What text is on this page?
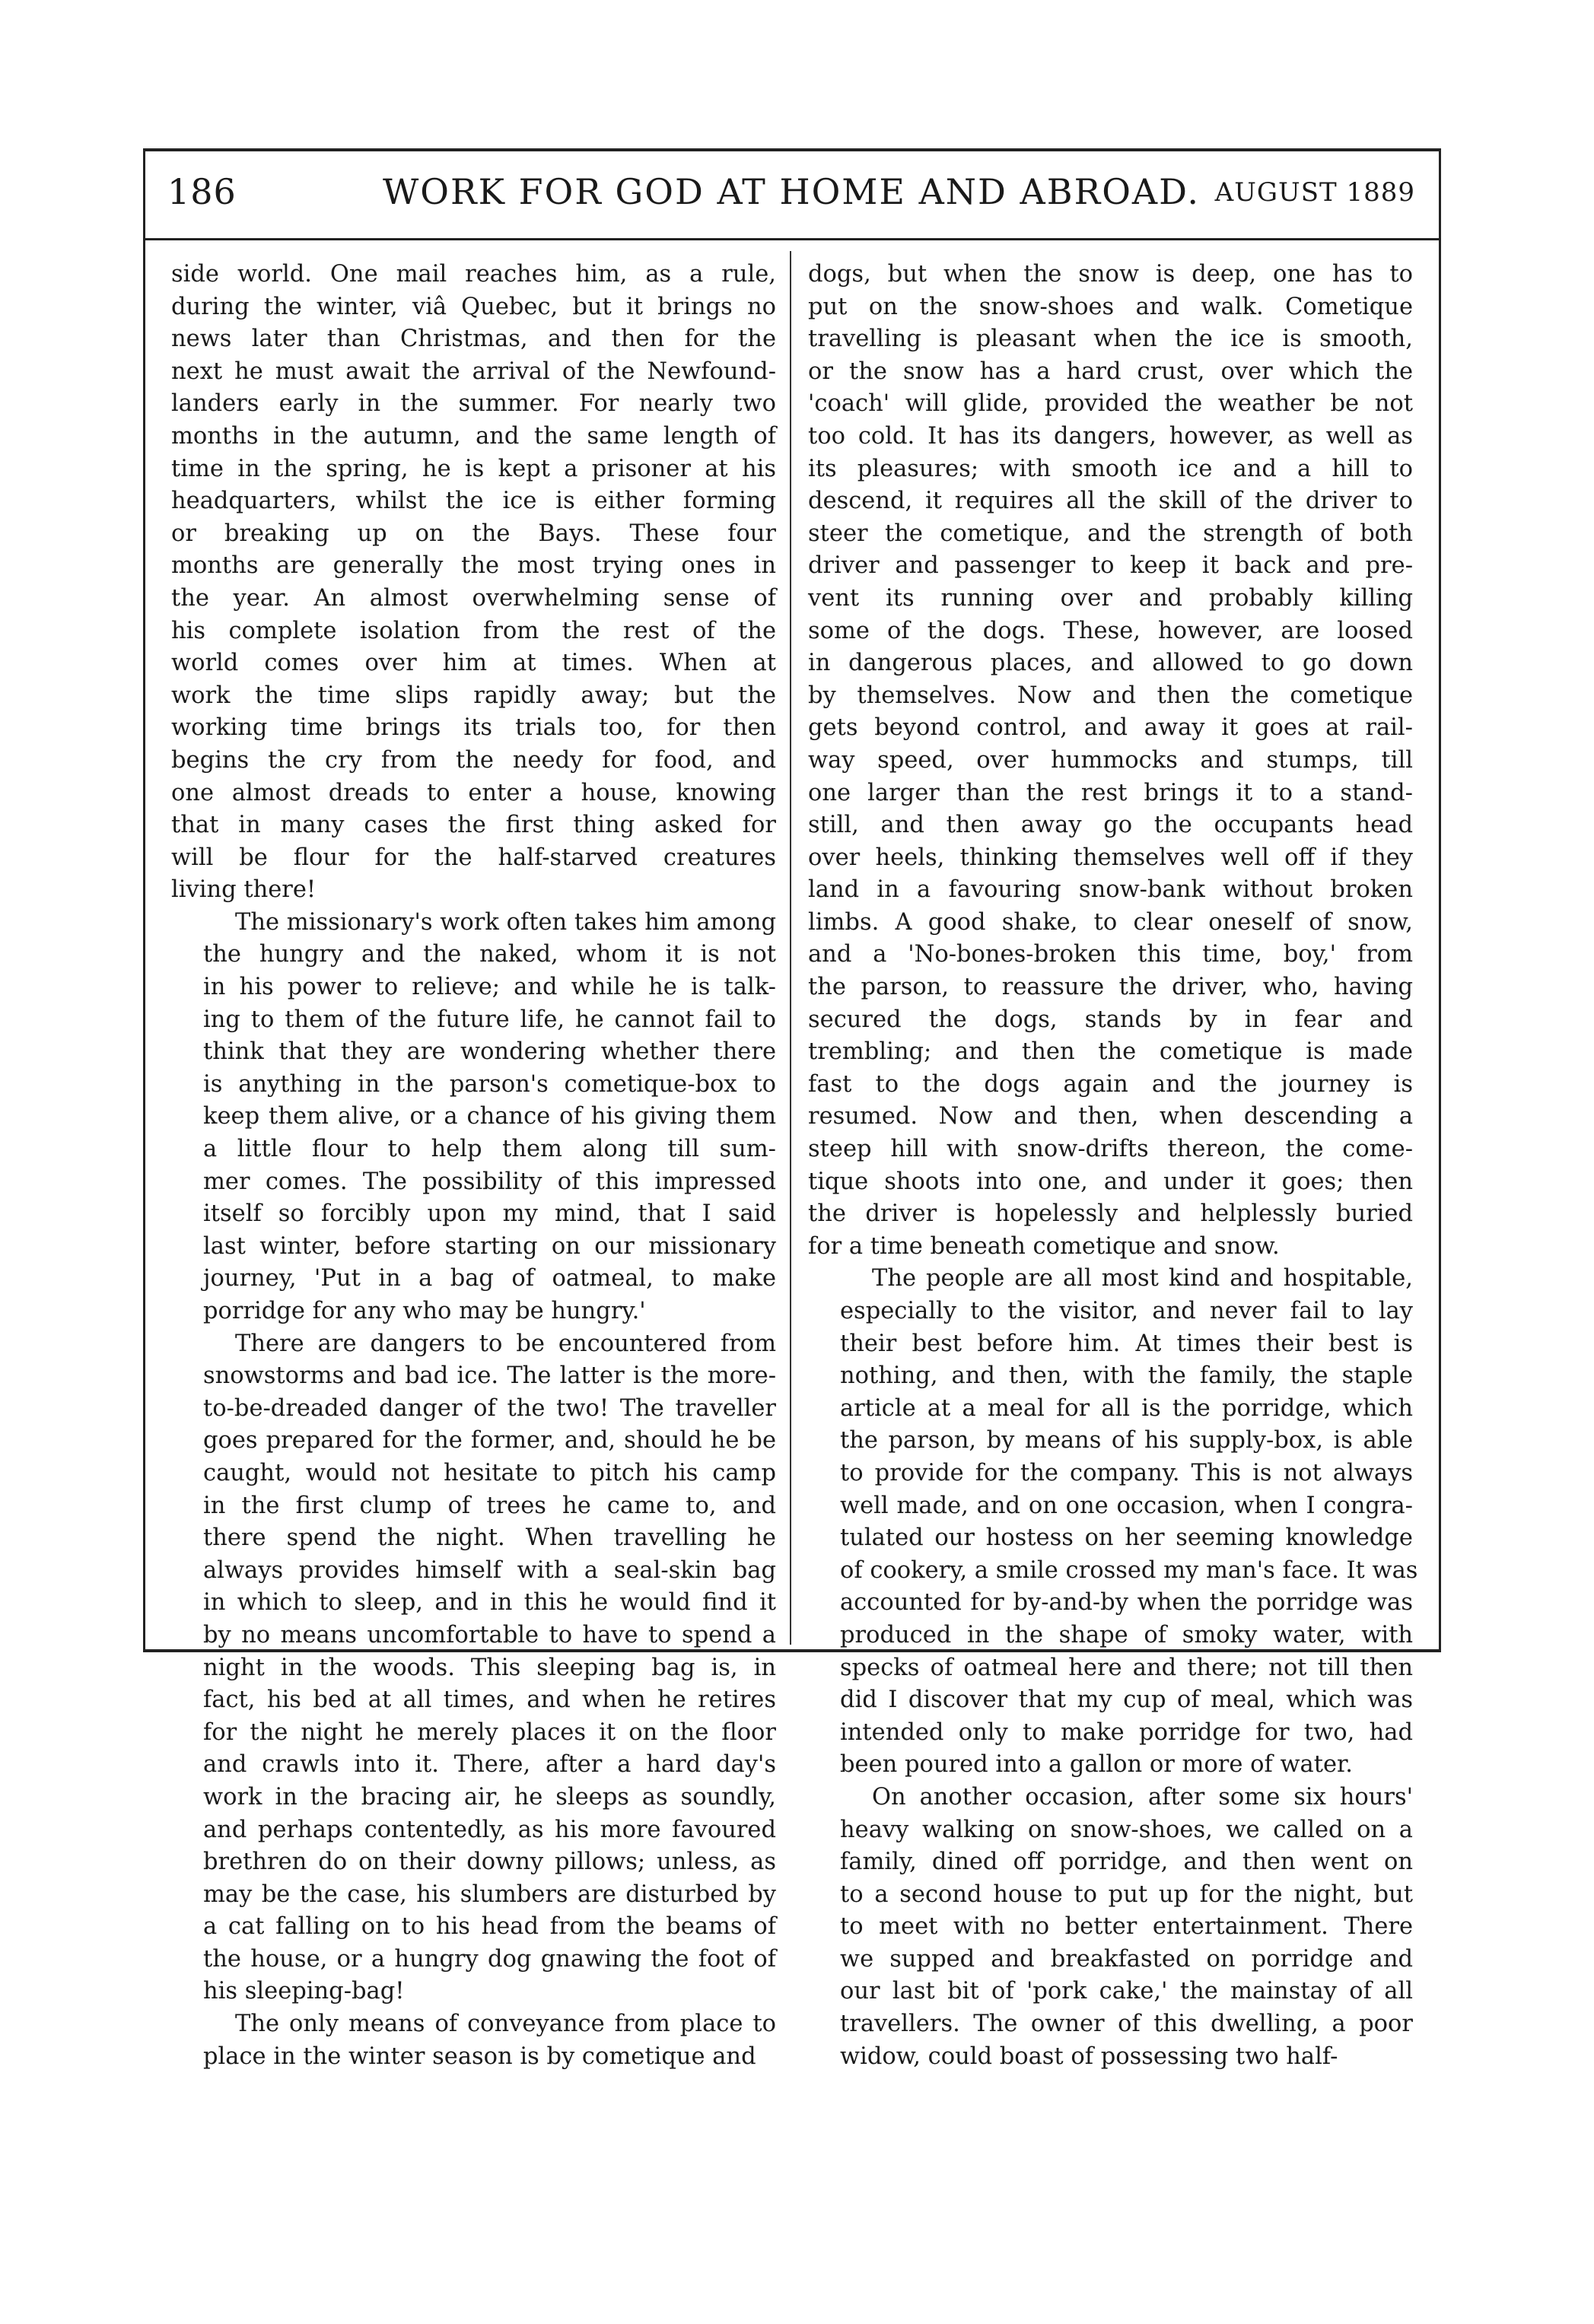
186	WORK FOR GOD AT HOME AND ABROAD. AUGUST 1889

side world. One mail reaches him, as a rule,
during the winter, viâ Quebec, but it brings no
news later than Christmas, and then for the
next he must await the arrival of the Newfound-
landers early in the summer. For nearly two
months in the autumn, and the same length of
time in the spring, he is kept a prisoner at his
headquarters, whilst the ice is either forming
or breaking up on the Bays. These four
months are generally the most trying ones in
the year. An almost overwhelming sense of
his complete isolation from the rest of the
world comes over him at times. When at
work the time slips rapidly away; but the
working time brings its trials too, for then
begins the cry from the needy for food, and
one almost dreads to enter a house, knowing
that in many cases the first thing asked for
will be flour for the half-starved creatures
living there!

The missionary's work often takes him among
the hungry and the naked, whom it is not
in his power to relieve; and while he is talk-
ing to them of the future life, he cannot fail to
think that they are wondering whether there
is anything in the parson's cometique-box to
keep them alive, or a chance of his giving them
a little flour to help them along till sum-
mer comes. The possibility of this impressed
itself so forcibly upon my mind, that I said
last winter, before starting on our missionary
journey, 'Put in a bag of oatmeal, to make
porridge for any who may be hungry.'

There are dangers to be encountered from
snowstorms and bad ice. The latter is the more-
to-be-dreaded danger of the two! The traveller
goes prepared for the former, and, should he be
caught, would not hesitate to pitch his camp
in the first clump of trees he came to, and
there spend the night. When travelling he
always provides himself with a seal-skin bag
in which to sleep, and in this he would find it
by no means uncomfortable to have to spend a
night in the woods. This sleeping bag is, in
fact, his bed at all times, and when he retires
for the night he merely places it on the floor
and crawls into it. There, after a hard day's
work in the bracing air, he sleeps as soundly,
and perhaps contentedly, as his more favoured
brethren do on their downy pillows; unless, as
may be the case, his slumbers are disturbed by
a cat falling on to his head from the beams of
the house, or a hungry dog gnawing the foot of
his sleeping-bag!

The only means of conveyance from place to
place in the winter season is by cometique and

dogs, but when the snow is deep, one has to
put on the snow-shoes and walk. Cometique
travelling is pleasant when the ice is smooth,
or the snow has a hard crust, over which the
'coach' will glide, provided the weather be not
too cold. It has its dangers, however, as well as
its pleasures; with smooth ice and a hill to
descend, it requires all the skill of the driver to
steer the cometique, and the strength of both
driver and passenger to keep it back and pre-
vent its running over and probably killing
some of the dogs. These, however, are loosed
in dangerous places, and allowed to go down
by themselves. Now and then the cometique
gets beyond control, and away it goes at rail-
way speed, over hummocks and stumps, till
one larger than the rest brings it to a stand-
still, and then away go the occupants head
over heels, thinking themselves well off if they
land in a favouring snow-bank without broken
limbs. A good shake, to clear oneself of snow,
and a 'No-bones-broken this time, boy,' from
the parson, to reassure the driver, who, having
secured the dogs, stands by in fear and
trembling; and then the cometique is made
fast to the dogs again and the journey is
resumed. Now and then, when descending a
steep hill with snow-drifts thereon, the come-
tique shoots into one, and under it goes; then
the driver is hopelessly and helplessly buried
for a time beneath cometique and snow.

The people are all most kind and hospitable,
especially to the visitor, and never fail to lay
their best before him. At times their best is
nothing, and then, with the family, the staple
article at a meal for all is the porridge, which
the parson, by means of his supply-box, is able
to provide for the company. This is not always
well made, and on one occasion, when I congra-
tulated our hostess on her seeming knowledge
of cookery, a smile crossed my man's face. It was
accounted for by-and-by when the porridge was
produced in the shape of smoky water, with
specks of oatmeal here and there; not till then
did I discover that my cup of meal, which was
intended only to make porridge for two, had
been poured into a gallon or more of water.

On another occasion, after some six hours'
heavy walking on snow-shoes, we called on a
family, dined off porridge, and then went on
to a second house to put up for the night, but
to meet with no better entertainment. There
we supped and breakfasted on porridge and
our last bit of 'pork cake,' the mainstay of all
travellers. The owner of this dwelling, a poor
widow, could boast of possessing two half-
